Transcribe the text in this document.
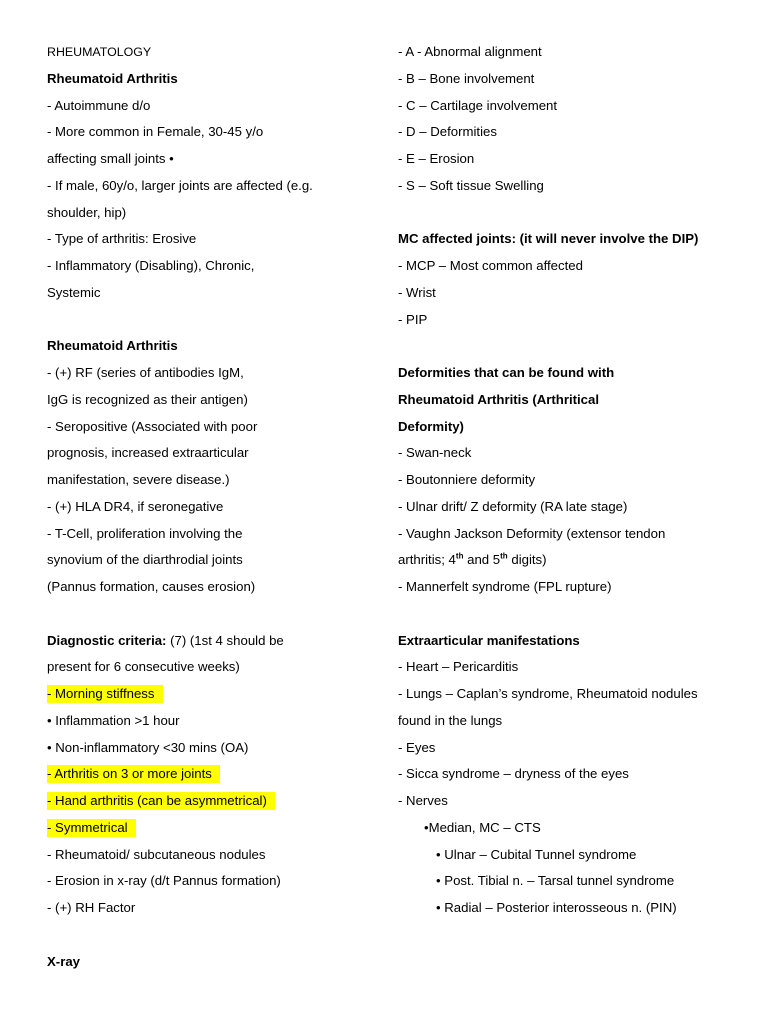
RHEUMATOLOGY
Rheumatoid Arthritis
- Autoimmune d/o
- More common in Female, 30-45 y/o
affecting small joints •
- If male, 60y/o, larger joints are affected (e.g.
shoulder, hip)
- Type of arthritis: Erosive
- Inflammatory (Disabling), Chronic,
Systemic
Rheumatoid Arthritis
- (+) RF (series of antibodies IgM,
IgG is recognized as their antigen)
- Seropositive (Associated with poor
prognosis, increased extraarticular
manifestation, severe disease.)
- (+) HLA DR4, if seronegative
- T-Cell, proliferation involving the
synovium of the diarthrodial joints
(Pannus formation, causes erosion)
Diagnostic criteria: (7) (1st 4 should be
present for 6 consecutive weeks)
- Morning stiffness
• Inflammation >1 hour
• Non-inflammatory <30 mins (OA)
- Arthritis on 3 or more joints
- Hand arthritis (can be asymmetrical)
- Symmetrical
- Rheumatoid/ subcutaneous nodules
- Erosion in x-ray (d/t Pannus formation)
- (+) RH Factor
X-ray
- A - Abnormal alignment
- B – Bone involvement
- C – Cartilage involvement
- D – Deformities
- E – Erosion
- S – Soft tissue Swelling
MC affected joints: (it will never involve the DIP)
- MCP – Most common affected
- Wrist
- PIP
Deformities that can be found with
Rheumatoid Arthritis (Arthritical
Deformity)
- Swan-neck
- Boutonniere deformity
- Ulnar drift/ Z deformity (RA late stage)
- Vaughn Jackson Deformity (extensor tendon
arthritis; 4th and 5th digits)
- Mannerfelt syndrome (FPL rupture)
Extraarticular manifestations
- Heart – Pericarditis
- Lungs – Caplan’s syndrome, Rheumatoid nodules
found in the lungs
- Eyes
- Sicca syndrome – dryness of the eyes
- Nerves
•Median, MC – CTS
• Ulnar – Cubital Tunnel syndrome
• Post. Tibial n. – Tarsal tunnel syndrome
• Radial – Posterior interosseous n. (PIN)
